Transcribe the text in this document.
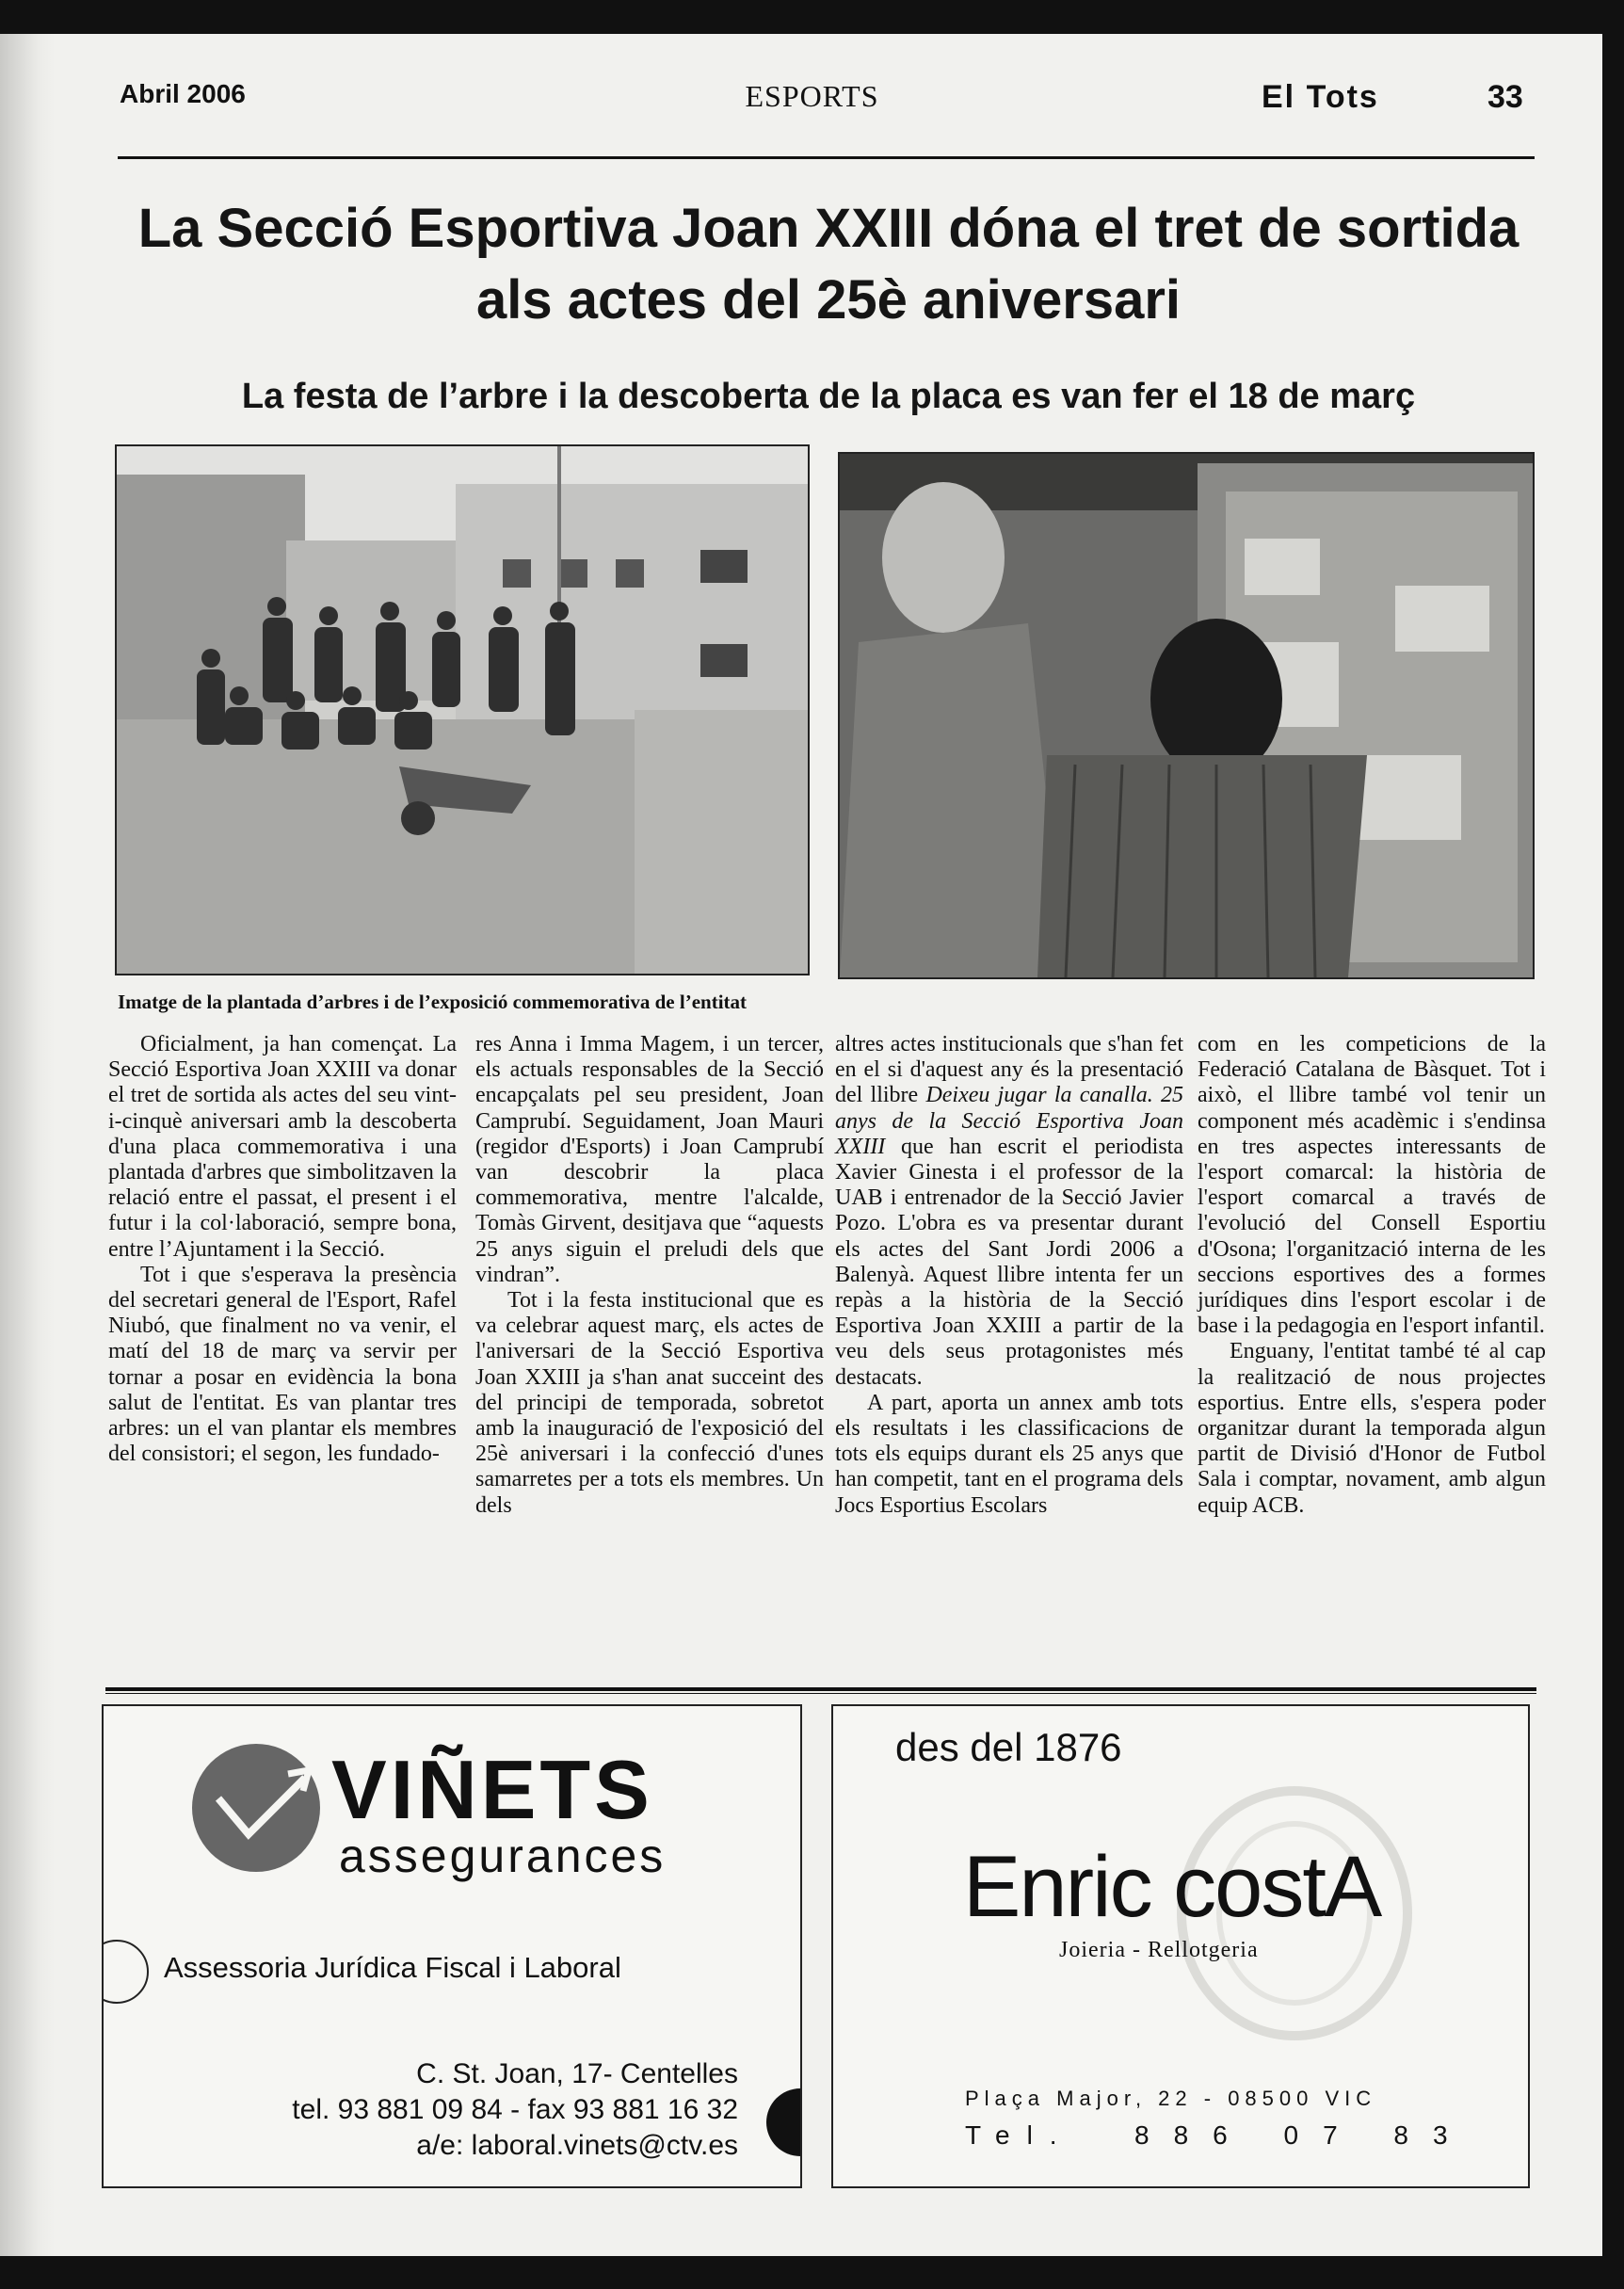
Abril 2006	ESPORTS	El Tots	33
La Secció Esportiva Joan XXIII dóna el tret de sortida als actes del 25è aniversari
La festa de l’arbre i la descoberta de la placa es van fer el 18 de març
Imatge de la plantada d’arbres i de l’exposició commemorativa de l’entitat

Oficialment, ja han començat. La Secció Esportiva Joan XXIII va donar el tret de sortida als actes del seu vint-i-cinquè aniversari amb la descoberta d'una placa commemorativa i una plantada d'arbres que simbolitzaven la relació entre el passat, el present i el futur i la col·laboració, sempre bona, entre l’Ajuntament i la Secció.

Tot i que s'esperava la presència del secretari general de l'Esport, Rafel Niubó, que finalment no va venir, el matí del 18 de març va servir per tornar a posar en evidència la bona salut de l'entitat. Es van plantar tres arbres: un el van plantar els membres del consistori; el segon, les fundado-

res Anna i Imma Magem, i un tercer, els actuals responsables de la Secció encapçalats pel seu president, Joan Camprubí. Seguidament, Joan Mauri (regidor d'Esports) i Joan Camprubí van descobrir la placa commemorativa, mentre l'alcalde, Tomàs Girvent, desitjava que “aquests 25 anys siguin el preludi dels que vindran”.

Tot i la festa institucional que es va celebrar aquest març, els actes de l'aniversari de la Secció Esportiva Joan XXIII ja s'han anat succeint des del principi de temporada, sobretot amb la inauguració de l'exposició del 25è aniversari i la confecció d'unes samarretes per a tots els membres. Un dels

altres actes institucionals que s'han fet en el si d'aquest any és la presentació del llibre Deixeu jugar la canalla. 25 anys de la Secció Esportiva Joan XXIII que han escrit el periodista Xavier Ginesta i el professor de la UAB i entrenador de la Secció Javier Pozo. L'obra es va presentar durant els actes del Sant Jordi 2006 a Balenyà. Aquest llibre intenta fer un repàs a la història de la Secció Esportiva Joan XXIII a partir de la veu dels seus protagonistes més destacats.

A part, aporta un annex amb tots els resultats i les classificacions de tots els equips durant els 25 anys que han competit, tant en el programa dels Jocs Esportius Escolars

com en les competicions de la Federació Catalana de Bàsquet. Tot i això, el llibre també vol tenir un component més acadèmic i s'endinsa en tres aspectes interessants de l'esport comarcal: la història de l'esport comarcal a través de l'evolució del Consell Esportiu d'Osona; l'organització interna de les seccions esportives des a formes jurídiques dins l'esport escolar i de base i la pedagogia en l'esport infantil.

Enguany, l'entitat també té al cap la realització de nous projectes esportius. Entre ells, s'espera poder organitzar durant la temporada algun partit de Divisió d'Honor de Futbol Sala i comptar, novament, amb algun equip ACB.

VIÑETS
assegurances
Assessoria Jurídica Fiscal i Laboral
C. St. Joan, 17- Centelles
tel. 93 881 09 84 - fax 93 881 16 32
a/e: laboral.vinets@ctv.es
des del 1876
Enric costA
Joieria - Rellotgeria
Plaça Major, 22 - 08500 VIC
Tel. 886 07 83
